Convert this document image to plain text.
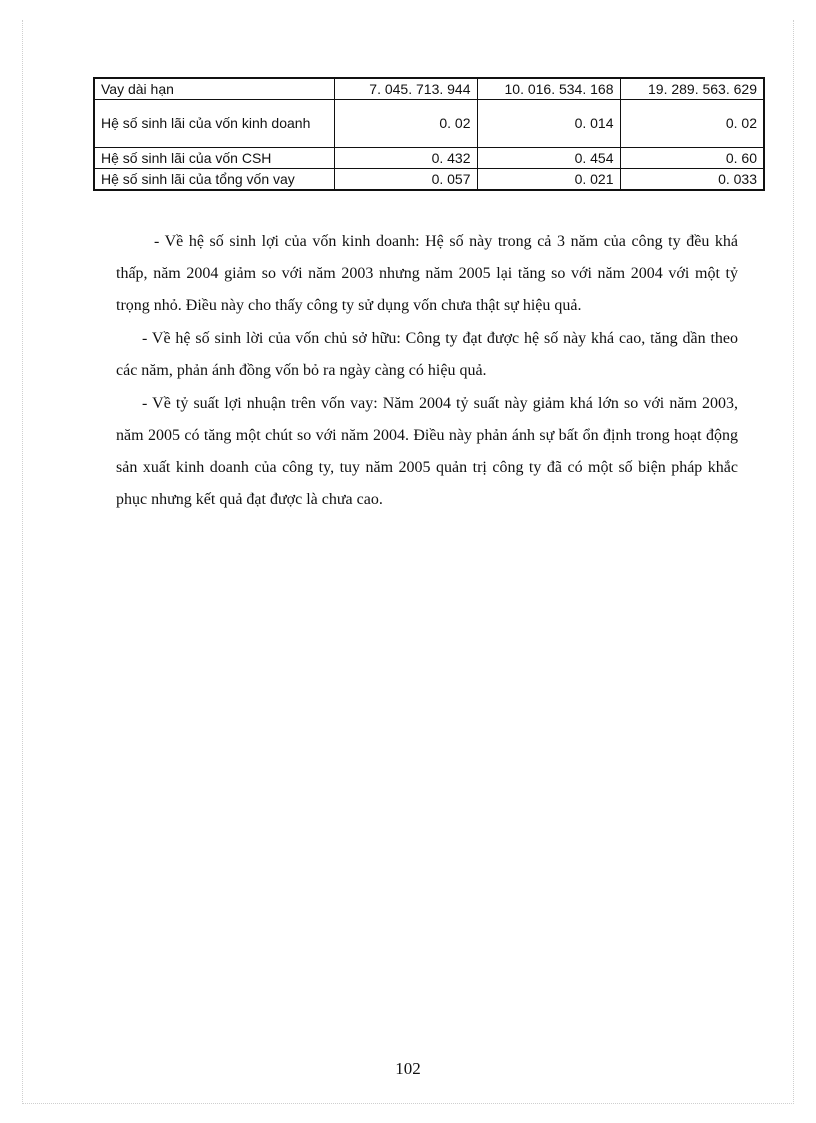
Vay dài hạn	7. 045. 713. 944	10. 016. 534. 168	19. 289. 563. 629
Hệ số sinh lãi của vốn kinh doanh	0. 02	0. 014	0. 02
Hệ số sinh lãi của vốn CSH	0. 432	0. 454	0. 60
Hệ số sinh lãi của tổng vốn vay	0. 057	0. 021	0. 033

- Về hệ số sinh lợi của vốn kinh doanh: Hệ số này trong cả 3 năm của công ty đều khá thấp, năm 2004 giảm so với năm 2003 nhưng năm 2005 lại tăng so với năm 2004 với một tỷ trọng nhỏ. Điều này cho thấy công ty sử dụng vốn chưa thật sự hiệu quả.

- Về hệ số sinh lời của vốn chủ sở hữu: Công ty đạt được hệ số này khá cao, tăng dần theo các năm, phản ánh đồng vốn bỏ ra ngày càng có hiệu quả.

- Về tỷ suất lợi nhuận trên vốn vay: Năm 2004 tỷ suất này giảm khá lớn so với năm 2003, năm 2005 có tăng một chút so với năm 2004. Điều này phản ánh sự bất ổn định trong hoạt động sản xuất kinh doanh của công ty, tuy năm 2005 quản trị công ty đã có một số biện pháp khắc phục nhưng kết quả đạt được là chưa cao.

102
